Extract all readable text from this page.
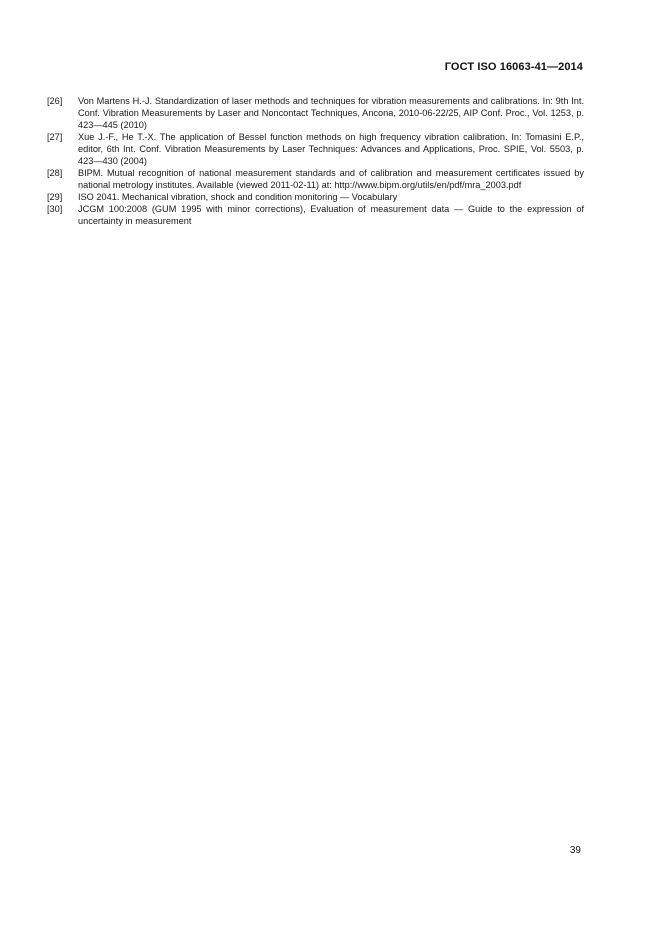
ГОСТ ISO 16063-41—2014
[26]	Von Martens H.-J. Standardization of laser methods and techniques for vibration measurements and calibrations. In: 9th Int. Conf. Vibration Measurements by Laser and Noncontact Techniques, Ancona, 2010-06-22/25, AIP Conf. Proc., Vol. 1253, p. 423—445 (2010)
[27]	Xue J.-F., He T.-X. The application of Bessel function methods on high frequency vibration calibration. In: Tomasini E.P., editor, 6th Int. Conf. Vibration Measurements by Laser Techniques: Advances and Applications, Proc. SPIE, Vol. 5503, p. 423—430 (2004)
[28]	BIPM. Mutual recognition of national measurement standards and of calibration and measurement certificates issued by national metrology institutes. Available (viewed 2011-02-11) at: http://www.bipm.org/utils/en/pdf/mra_2003.pdf
[29]	ISO 2041. Mechanical vibration, shock and condition monitoring — Vocabulary
[30]	JCGM 100:2008 (GUM 1995 with minor corrections), Evaluation of measurement data — Guide to the expression of uncertainty in measurement
39
